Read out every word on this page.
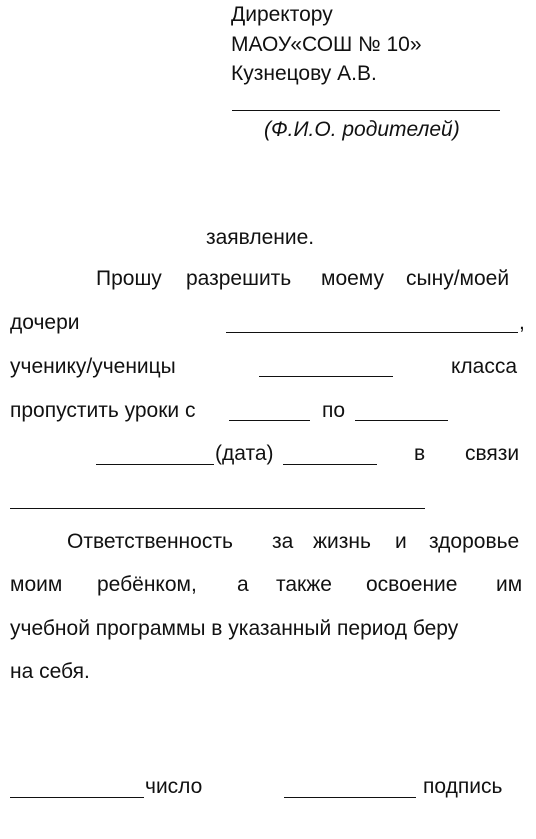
Директору
МАОУ«СОШ № 10»
Кузнецову А.В.
(Ф.И.О. родителей)
заявление.
Прошу разрешить моему сыну/моей
дочери	,
ученику/ученицы	класса
пропустить уроки с	по
(дата)	в связи
Ответственность за жизнь и здоровье
моим ребёнком, а также освоение им
учебной программы в указанный период беру
на себя.
число	подпись
